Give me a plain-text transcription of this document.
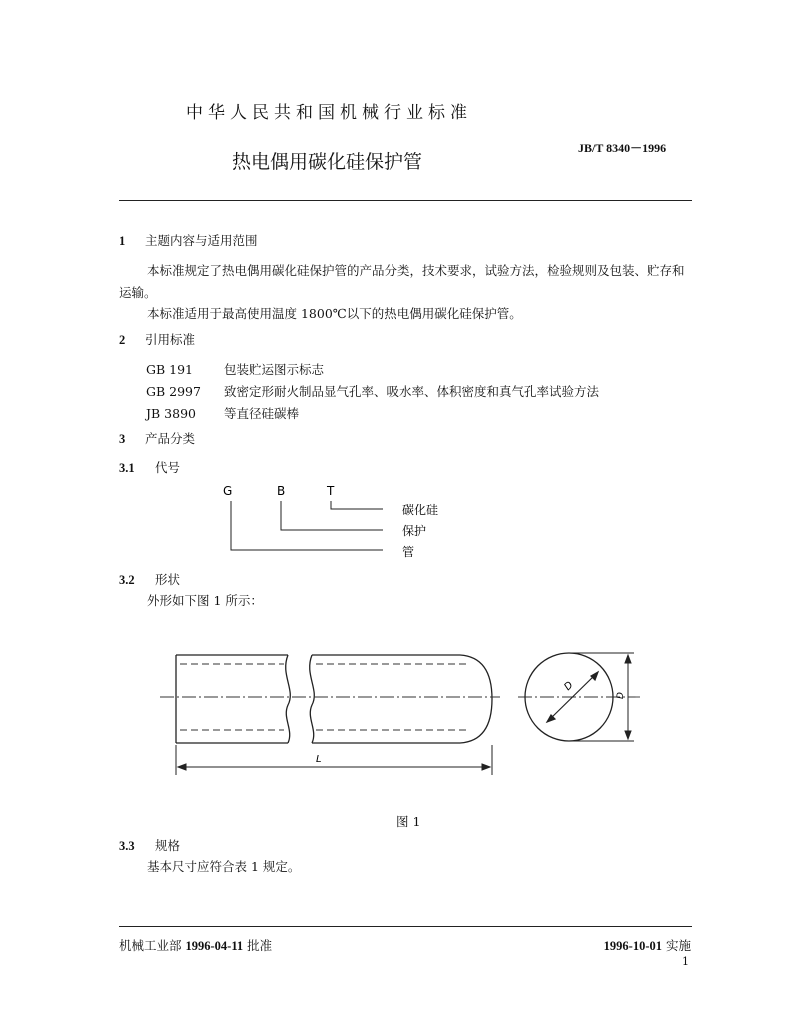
中华人民共和国机械行业标准
JB/T 8340－1996
热电偶用碳化硅保护管
1 主题内容与适用范围
本标准规定了热电偶用碳化硅保护管的产品分类，技术要求，试验方法，检验规则及包装、贮存和
运输。
本标准适用于最高使用温度 1800℃以下的热电偶用碳化硅保护管。
2 引用标准
GB 191 包装贮运图示标志
GB 2997 致密定形耐火制品显气孔率、吸水率、体积密度和真气孔率试验方法
JB 3890 等直径硅碳棒
3 产品分类
3.1 代号
G	B	T
碳化硅
保护
管
3.2 形状
外形如下图 1 所示：
L
D
D
图 1
3.3 规格
基本尺寸应符合表 1 规定。
机械工业部 1996-04-11 批准	1996-10-01 实施
1
